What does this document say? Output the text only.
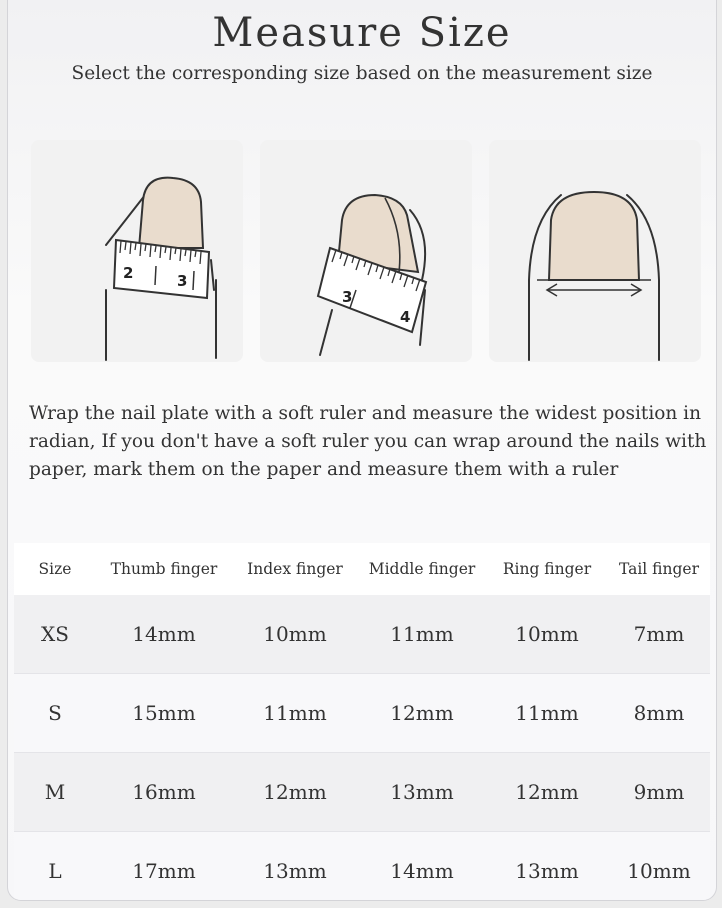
Measure Size
Select the corresponding size based on the measurement size
2	3
3
4

Wrap the nail plate with a soft ruler and measure the widest position in radian, If you don't have a soft ruler you can wrap around the nails with paper, mark them on the paper and measure them with a ruler

Size	Thumb finger	Index finger	Middle finger	Ring finger	Tail finger
XS	14mm	10mm	11mm	10mm	7mm
S	15mm	11mm	12mm	11mm	8mm
M	16mm	12mm	13mm	12mm	9mm
L	17mm	13mm	14mm	13mm	10mm
